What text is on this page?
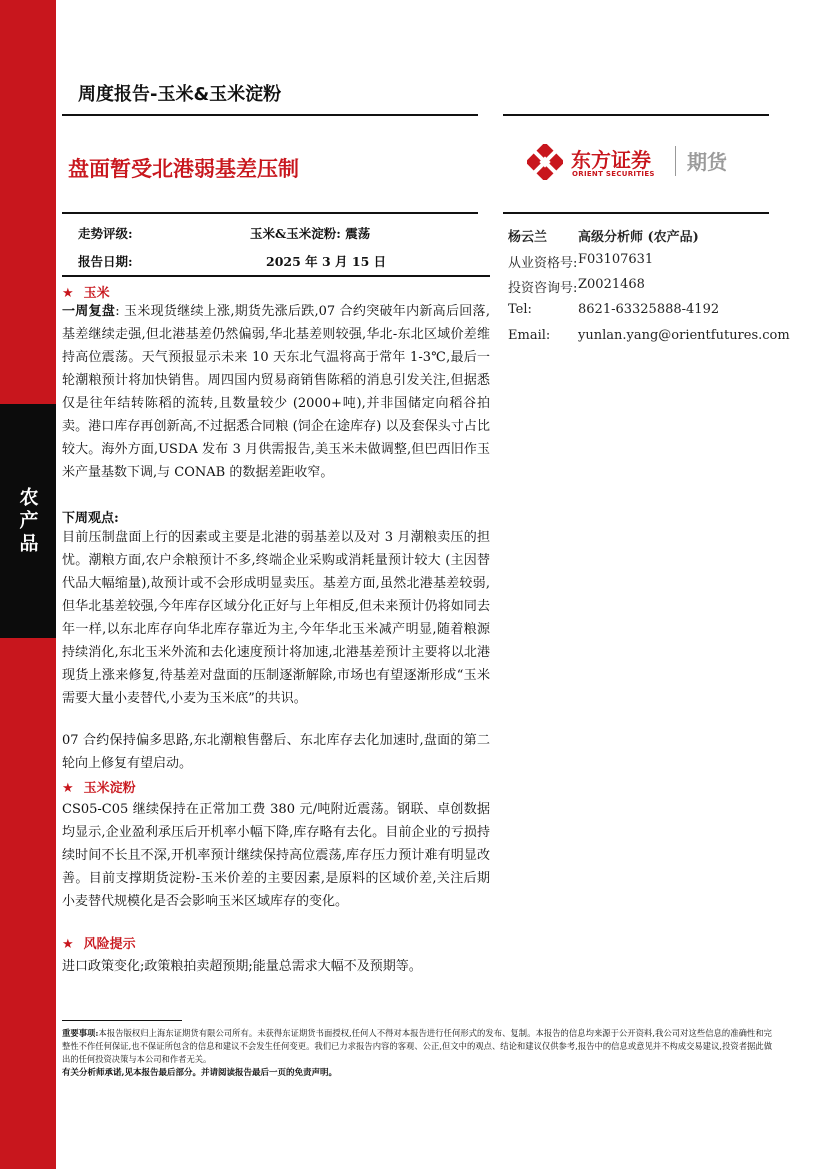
农产品
周度报告-玉米&玉米淀粉
盘面暂受北港弱基差压制	东方证券
ORIENT SECURITIES 期货
走势评级:	玉米&玉米淀粉: 震荡
报告日期:	2025 年 3 月 15 日
杨云兰 高级分析师 (农产品)
从业资格号: F03107631
投资咨询号: Z0021468
Tel:	8621-63325888-4192
Email: yunlan.yang@orientfutures.com
★ 玉米

一周复盘: 玉米现货继续上涨,期货先涨后跌,07 合约突破年内新高后回落,基差继续走强,但北港基差仍然偏弱,华北基差则较强,华北-东北区域价差维持高位震荡。天气预报显示未来 10 天东北气温将高于常年 1-3℃,最后一轮潮粮预计将加快销售。周四国内贸易商销售陈稻的消息引发关注,但据悉仅是往年结转陈稻的流转,且数量较少 (2000+吨),并非国储定向稻谷拍卖。港口库存再创新高,不过据悉合同粮 (饲企在途库存) 以及套保头寸占比较大。海外方面,USDA 发布 3 月供需报告,美玉米未做调整,但巴西旧作玉米产量基数下调,与 CONAB 的数据差距收窄。

下周观点:

目前压制盘面上行的因素或主要是北港的弱基差以及对 3 月潮粮卖压的担忧。潮粮方面,农户余粮预计不多,终端企业采购或消耗量预计较大 (主因替代品大幅缩量),故预计或不会形成明显卖压。基差方面,虽然北港基差较弱,但华北基差较强,今年库存区域分化正好与上年相反,但未来预计仍将如同去年一样,以东北库存向华北库存靠近为主,今年华北玉米减产明显,随着粮源持续消化,东北玉米外流和去化速度预计将加速,北港基差预计主要将以北港现货上涨来修复,待基差对盘面的压制逐渐解除,市场也有望逐渐形成“玉米需要大量小麦替代,小麦为玉米底”的共识。

07 合约保持偏多思路,东北潮粮售罄后、东北库存去化加速时,盘面的第二轮向上修复有望启动。

★ 玉米淀粉

CS05-C05 继续保持在正常加工费 380 元/吨附近震荡。钢联、卓创数据均显示,企业盈利承压后开机率小幅下降,库存略有去化。目前企业的亏损持续时间不长且不深,开机率预计继续保持高位震荡,库存压力预计难有明显改善。目前支撑期货淀粉-玉米价差的主要因素,是原料的区域价差,关注后期小麦替代规模化是否会影响玉米区域库存的变化。

★ 风险提示

进口政策变化;政策粮拍卖超预期;能量总需求大幅不及预期等。

重要事项:本报告版权归上海东证期货有限公司所有。未获得东证期货书面授权,任何人不得对本报告进行任何形式的发布、复制。本报告的信息均来源于公开资料,我公司对这些信息的准确性和完整性不作任何保证,也不保证所包含的信息和建议不会发生任何变更。我们已力求报告内容的客观、公正,但文中的观点、结论和建议仅供参考,报告中的信息或意见并不构成交易建议,投资者据此做出的任何投资决策与本公司和作者无关。

有关分析师承诺,见本报告最后部分。并请阅读报告最后一页的免责声明。
